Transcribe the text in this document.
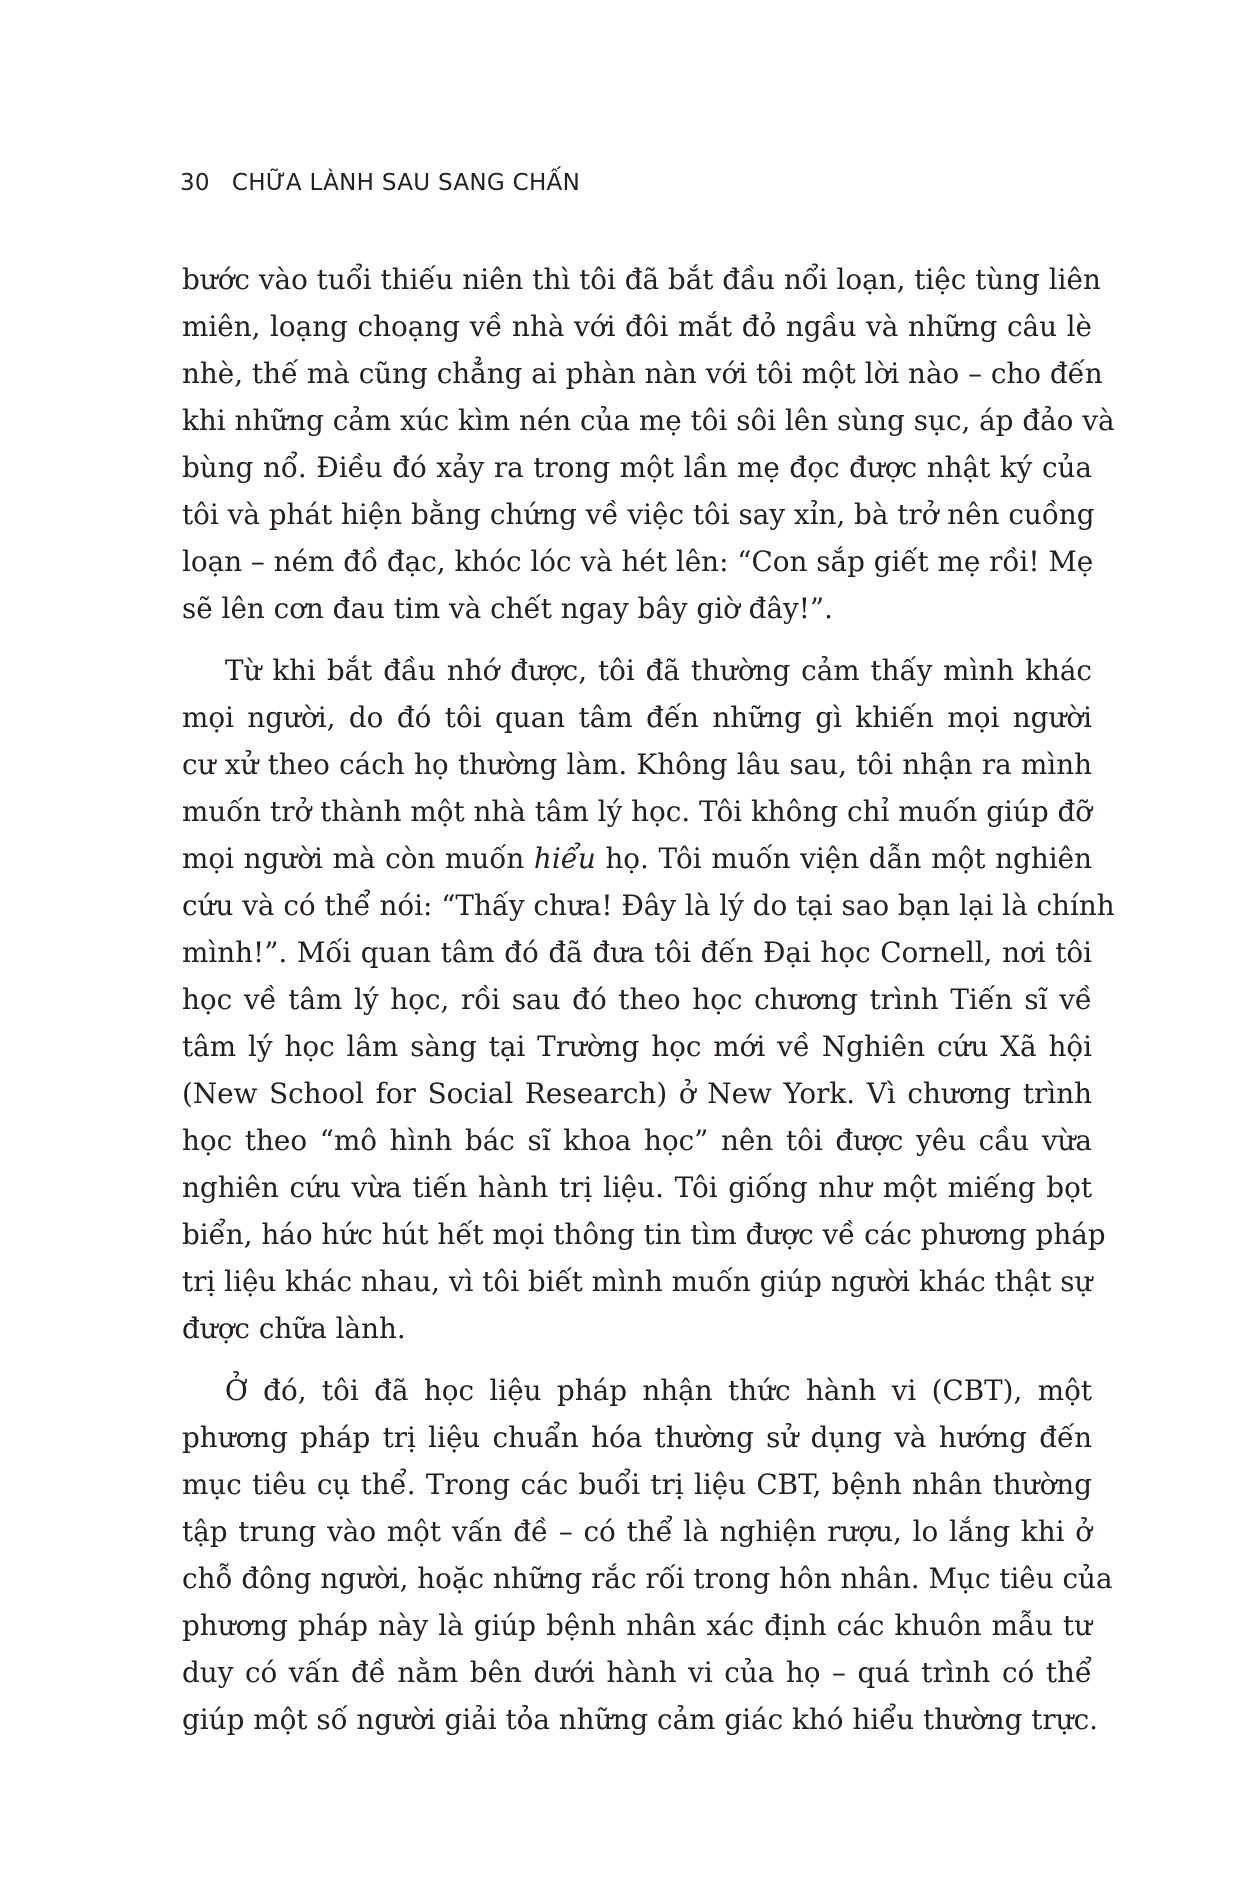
30 CHỮA LÀNH SAU SANG CHẤN

bước vào tuổi thiếu niên thì tôi đã bắt đầu nổi loạn, tiệc tùng liên
miên, loạng choạng về nhà với đôi mắt đỏ ngầu và những câu lè
nhè, thế mà cũng chẳng ai phàn nàn với tôi một lời nào – cho đến
khi những cảm xúc kìm nén của mẹ tôi sôi lên sùng sục, áp đảo và
bùng nổ. Điều đó xảy ra trong một lần mẹ đọc được nhật ký của
tôi và phát hiện bằng chứng về việc tôi say xỉn, bà trở nên cuồng
loạn – ném đồ đạc, khóc lóc và hét lên: “Con sắp giết mẹ rồi! Mẹ
sẽ lên cơn đau tim và chết ngay bây giờ đây!”.

Từ khi bắt đầu nhớ được, tôi đã thường cảm thấy mình khác
mọi người, do đó tôi quan tâm đến những gì khiến mọi người
cư xử theo cách họ thường làm. Không lâu sau, tôi nhận ra mình
muốn trở thành một nhà tâm lý học. Tôi không chỉ muốn giúp đỡ
mọi người mà còn muốn hiểu họ. Tôi muốn viện dẫn một nghiên
cứu và có thể nói: “Thấy chưa! Đây là lý do tại sao bạn lại là chính
mình!”. Mối quan tâm đó đã đưa tôi đến Đại học Cornell, nơi tôi
học về tâm lý học, rồi sau đó theo học chương trình Tiến sĩ về
tâm lý học lâm sàng tại Trường học mới về Nghiên cứu Xã hội
(New School for Social Research) ở New York. Vì chương trình
học theo “mô hình bác sĩ khoa học” nên tôi được yêu cầu vừa
nghiên cứu vừa tiến hành trị liệu. Tôi giống như một miếng bọt
biển, háo hức hút hết mọi thông tin tìm được về các phương pháp
trị liệu khác nhau, vì tôi biết mình muốn giúp người khác thật sự
được chữa lành.

Ở đó, tôi đã học liệu pháp nhận thức hành vi (CBT), một
phương pháp trị liệu chuẩn hóa thường sử dụng và hướng đến
mục tiêu cụ thể. Trong các buổi trị liệu CBT, bệnh nhân thường
tập trung vào một vấn đề – có thể là nghiện rượu, lo lắng khi ở
chỗ đông người, hoặc những rắc rối trong hôn nhân. Mục tiêu của
phương pháp này là giúp bệnh nhân xác định các khuôn mẫu tư
duy có vấn đề nằm bên dưới hành vi của họ – quá trình có thể
giúp một số người giải tỏa những cảm giác khó hiểu thường trực.
